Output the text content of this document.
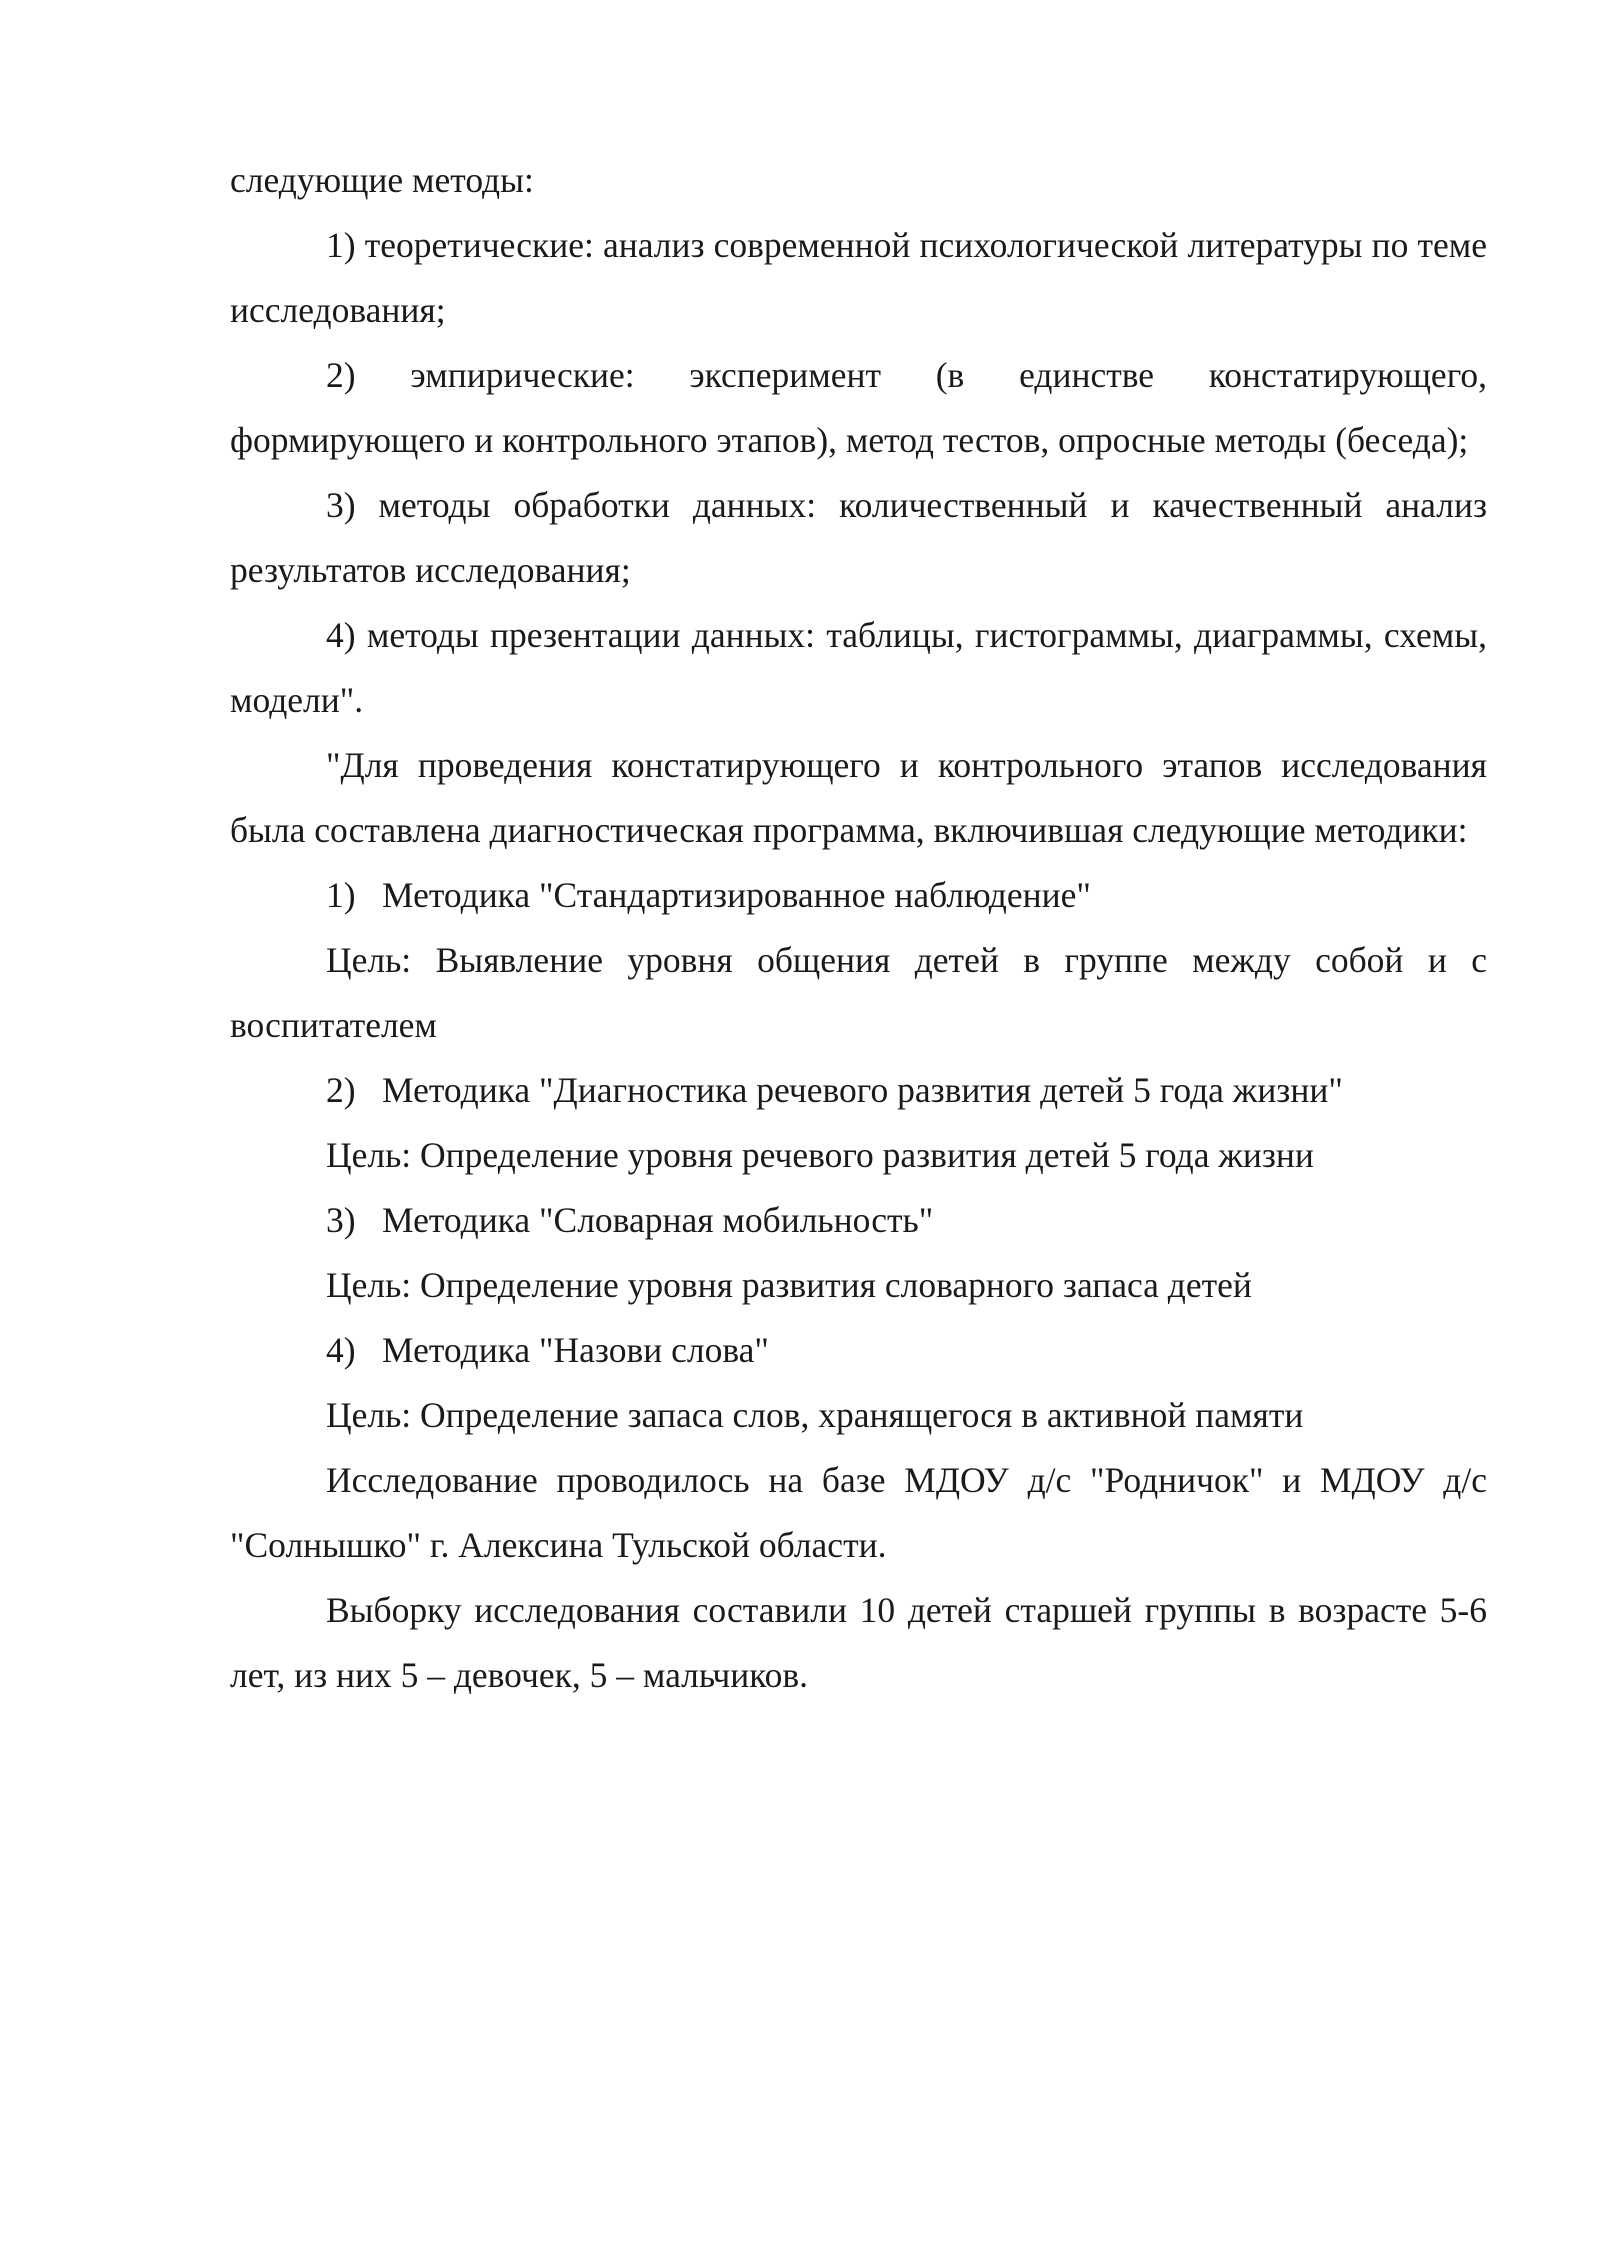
следующие методы:

1) теоретические: анализ современной психологической литературы по теме исследования;

2) эмпирические: эксперимент (в единстве констатирующего, формирующего и контрольного этапов), метод тестов, опросные методы (беседа);

3) методы обработки данных: количественный и качественный анализ результатов исследования;

4) методы презентации данных: таблицы, гистограммы, диаграммы, схемы, модели".

"Для проведения констатирующего и контрольного этапов исследования была составлена диагностическая программа, включившая следующие методики:

1) Методика "Стандартизированное наблюдение"

Цель: Выявление уровня общения детей в группе между собой и с воспитателем

2) Методика "Диагностика речевого развития детей 5 года жизни"

Цель: Определение уровня речевого развития детей 5 года жизни

3) Методика "Словарная мобильность"

Цель: Определение уровня развития словарного запаса детей

4) Методика "Назови слова"

Цель: Определение запаса слов, хранящегося в активной памяти

Исследование проводилось на базе МДОУ д/с "Родничок" и МДОУ д/с "Солнышко" г. Алексина Тульской области.

Выборку исследования составили 10 детей старшей группы в возрасте 5-6 лет, из них 5 – девочек, 5 – мальчиков.
